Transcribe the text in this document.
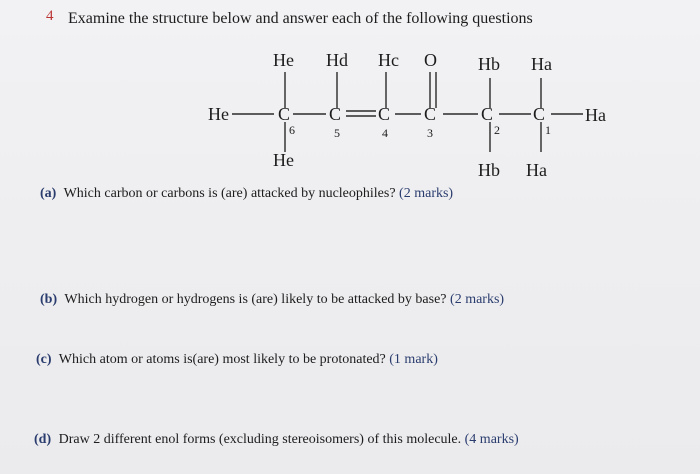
4 Examine the structure below and answer each of the following questions
He Hd Hc O Hb Ha
He	C C C C C C Ha
6	5	4	3	2	1
He	Hb Ha
(a) Which carbon or carbons is (are) attacked by nucleophiles? (2 marks)
(b) Which hydrogen or hydrogens is (are) likely to be attacked by base? (2 marks)
(c) Which atom or atoms is(are) most likely to be protonated? (1 mark)
(d) Draw 2 different enol forms (excluding stereoisomers) of this molecule. (4 marks)
